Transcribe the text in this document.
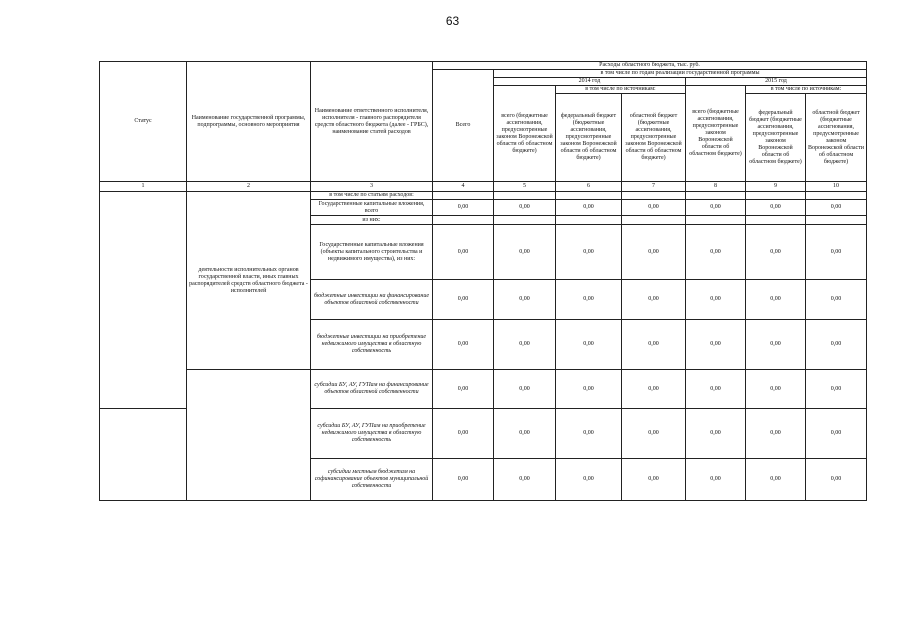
63
Статус	Наименование государственной программы, подпрограммы, основного мероприятия	Наименование ответственного исполнителя, исполнителя - главного распорядителя средств областного бюджета (далее - ГРБС), наименование статей расходов	Расходы областного бюджета, тыс. руб.						
			Всего	в том числе по годам реализации государственной программы					
				2014 год			2015 год		
				всего (бюджетные ассигнования, предусмотренные законом Воронежской области об областном бюджете)	в том числе по источникам:		всего (бюджетные ассигнования, предусмотренные законом Воронежской области об областном бюджете)	в том числе по источникам:	
					федеральный бюджет (бюджетные ассигнования, предусмотренные законом Воронежской области об областном бюджете)	областной бюджет (бюджетные ассигнования, предусмотренные законом Воронежской области об областном бюджете)		федеральный бюджет (бюджетные ассигнования, предусмотренные законом Воронежской области об областном бюджете)	областной бюджет (бюджетные ассигнования, предусмотренные законом Воронежской области об областном бюджете)
1	2	3	4	5	6	7	8	9	10
	деятельности исполнительных органов государственной власти, иных главных распорядителей средств областного бюджета - исполнителей	в том числе по статьям расходов:							
		Государственные капитальные вложения, всего	0,00	0,00	0,00	0,00	0,00	0,00	0,00
		из них:							
		Государственные капитальные вложения (объекты капитального строительства и недвижимого имущества), из них:	0,00	0,00	0,00	0,00	0,00	0,00	0,00
		бюджетные инвестиции на финансирование объектов областной собственности	0,00	0,00	0,00	0,00	0,00	0,00	0,00
		бюджетные инвестиции на приобретение недвижимого имущества в областную собственность	0,00	0,00	0,00	0,00	0,00	0,00	0,00
		субсидии БУ, АУ, ГУПам на финансирование объектов областной собственности	0,00	0,00	0,00	0,00	0,00	0,00	0,00
		субсидии БУ, АУ, ГУПам на приобретение недвижимого имущества в областную собственность	0,00	0,00	0,00	0,00	0,00	0,00	0,00
		субсидии местным бюджетам на софинансирование объектов муниципальной собственности	0,00	0,00	0,00	0,00	0,00	0,00	0,00
